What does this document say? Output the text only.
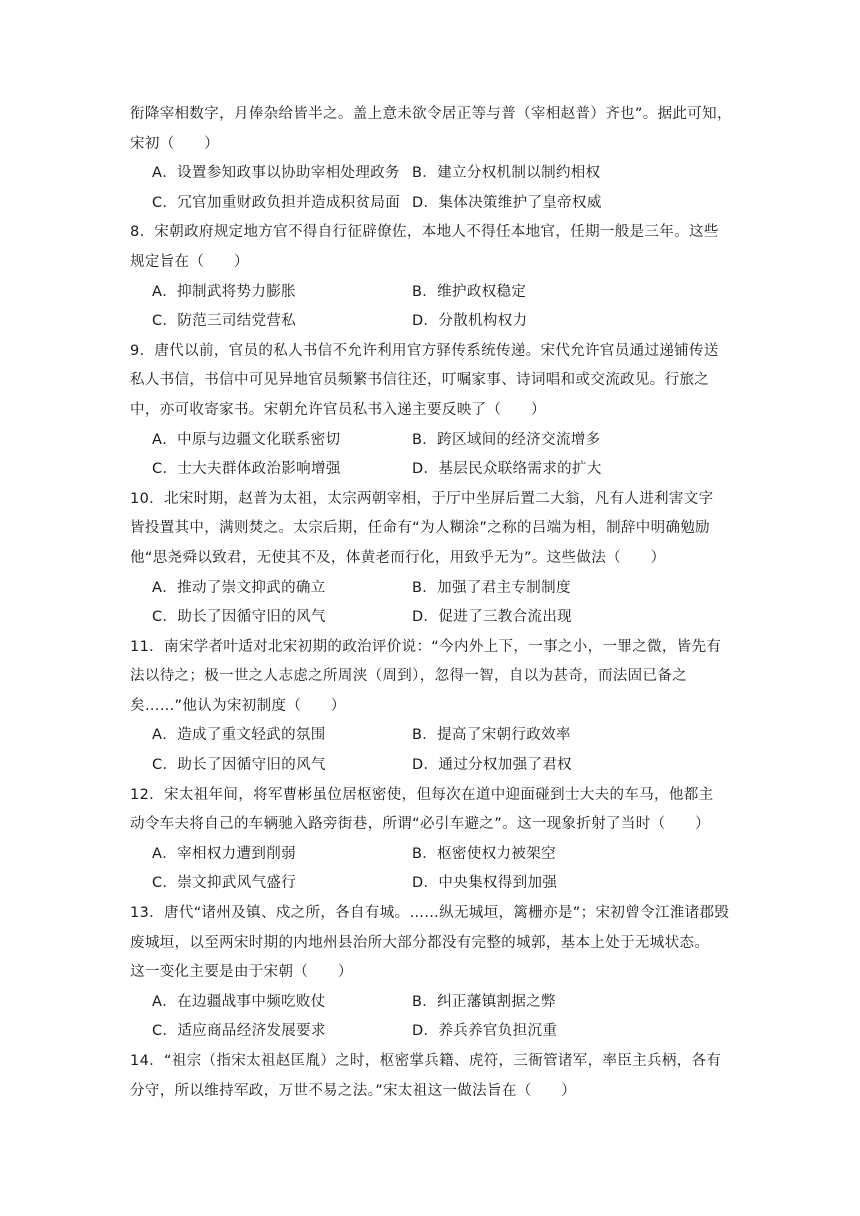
衔降宰相数字，月俸杂给皆半之。盖上意未欲令居正等与普（宰相赵普）齐也”。据此可知，
宋初（　　）
A．设置参知政事以协助宰相处理政务 B．建立分权机制以制约相权
C．冗官加重财政负担并造成积贫局面 D．集体决策维护了皇帝权威
8．宋朝政府规定地方官不得自行征辟僚佐，本地人不得任本地官，任期一般是三年。这些
规定旨在（　　）
A．抑制武将势力膨胀	B．维护政权稳定
C．防范三司结党营私	D．分散机构权力
9．唐代以前，官员的私人书信不允许利用官方驿传系统传递。宋代允许官员通过递铺传送
私人书信，书信中可见异地官员频繁书信往还，叮嘱家事、诗词唱和或交流政见。行旅之
中，亦可收寄家书。宋朝允许官员私书入递主要反映了（　　）
A．中原与边疆文化联系密切	B．跨区域间的经济交流增多
C．士大夫群体政治影响增强	D．基层民众联络需求的扩大
10．北宋时期，赵普为太祖，太宗两朝宰相，于厅中坐屏后置二大翁，凡有人进利害文字
皆投置其中，满则焚之。太宗后期，任命有“为人糊涂”之称的吕端为相，制辞中明确勉励
他“思尧舜以致君，无使其不及，体黄老而行化，用致乎无为”。这些做法（　　）
A．推动了崇文抑武的确立	B．加强了君主专制制度
C．助长了因循守旧的风气	D．促进了三教合流出现
11．南宋学者叶适对北宋初期的政治评价说：“今内外上下，一事之小，一罪之微，皆先有
法以待之；极一世之人志虑之所周浃（周到），忽得一智，自以为甚奇，而法固已备之
矣……”他认为宋初制度（　　）
A．造成了重文轻武的氛围	B．提高了宋朝行政效率
C．助长了因循守旧的风气	D．通过分权加强了君权
12．宋太祖年间，将军曹彬虽位居枢密使，但每次在道中迎面碰到士大夫的车马，他都主
动令车夫将自己的车辆驰入路旁街巷，所谓“必引车避之”。这一现象折射了当时（　　）
A．宰相权力遭到削弱	B．枢密使权力被架空
C．崇文抑武风气盛行	D．中央集权得到加强
13．唐代“诸州及镇、戍之所，各自有城。……纵无城垣，篱栅亦是”；宋初曾令江淮诸郡毁
废城垣，以至两宋时期的内地州县治所大部分都没有完整的城郭，基本上处于无城状态。
这一变化主要是由于宋朝（　　）
A．在边疆战事中频吃败仗	B．纠正藩镇割据之弊
C．适应商品经济发展要求	D．养兵养官负担沉重
14．“祖宗（指宋太祖赵匡胤）之时，枢密掌兵籍、虎符，三衙管诸军，率臣主兵柄，各有
分守，所以维持军政，万世不易之法。”宋太祖这一做法旨在（　　）
